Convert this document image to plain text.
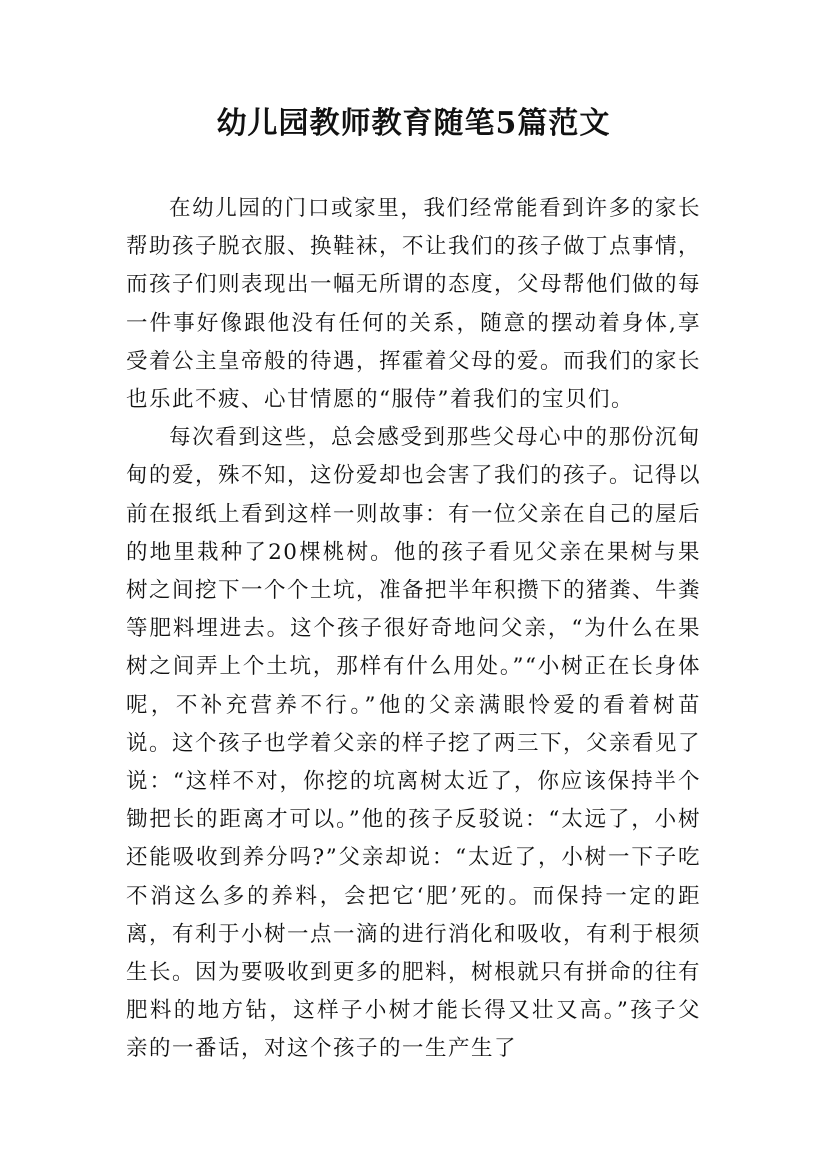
幼儿园教师教育随笔5篇范文

在幼儿园的门口或家里，我们经常能看到许多的家长帮助孩子脱衣服、换鞋袜，不让我们的孩子做丁点事情，而孩子们则表现出一幅无所谓的态度，父母帮他们做的每一件事好像跟他没有任何的关系，随意的摆动着身体,享受着公主皇帝般的待遇，挥霍着父母的爱。而我们的家长也乐此不疲、心甘情愿的“服侍”着我们的宝贝们。

每次看到这些，总会感受到那些父母心中的那份沉甸甸的爱，殊不知，这份爱却也会害了我们的孩子。记得以前在报纸上看到这样一则故事：有一位父亲在自己的屋后的地里栽种了20棵桃树。他的孩子看见父亲在果树与果树之间挖下一个个土坑，准备把半年积攒下的猪粪、牛粪等肥料埋进去。这个孩子很好奇地问父亲，“为什么在果树之间弄上个土坑，那样有什么用处。”“小树正在长身体呢，不补充营养不行。”他的父亲满眼怜爱的看着树苗说。这个孩子也学着父亲的样子挖了两三下，父亲看见了说：“这样不对，你挖的坑离树太近了，你应该保持半个锄把长的距离才可以。”他的孩子反驳说：“太远了，小树还能吸收到养分吗?”父亲却说：“太近了，小树一下子吃不消这么多的养料，会把它‘肥’死的。而保持一定的距离，有利于小树一点一滴的进行消化和吸收，有利于根须生长。因为要吸收到更多的肥料，树根就只有拼命的往有肥料的地方钻，这样子小树才能长得又壮又高。”孩子父亲的一番话，对这个孩子的一生产生了
